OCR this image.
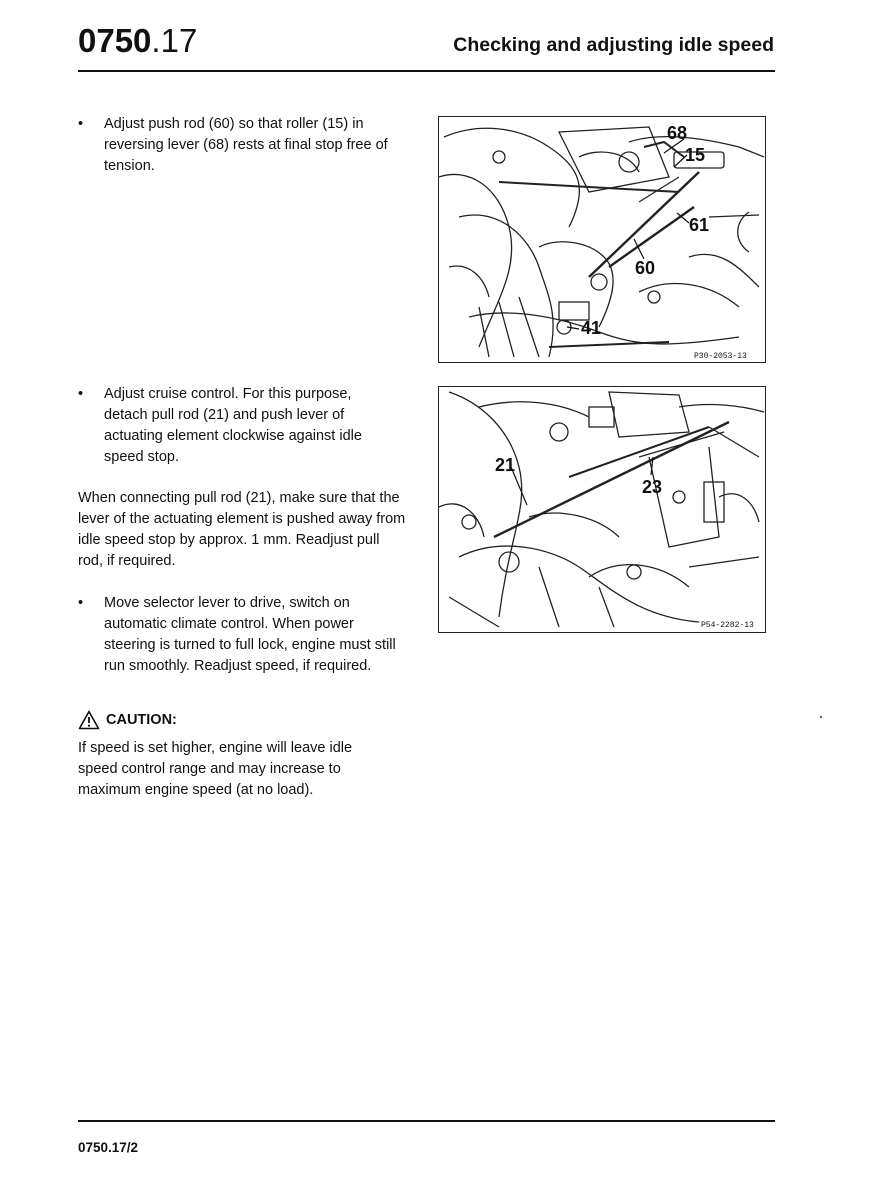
0750.17	Checking and adjusting idle speed
• Adjust push rod (60) so that roller (15) in reversing lever (68) rests at final stop free of tension.
68
15
61
60
41
P30-2053-13
• Adjust cruise control. For this purpose, detach pull rod (21) and push lever of actuating element clockwise against idle speed stop.	21
23
P54-2282-13
When connecting pull rod (21), make sure that the lever of the actuating element is pushed away from idle speed stop by approx. 1 mm. Readjust pull rod, if required.
• Move selector lever to drive, switch on automatic climate control. When power steering is turned to full lock, engine must still run smoothly. Readjust speed, if required.
CAUTION:
If speed is set higher, engine will leave idle speed control range and may increase to maximum engine speed (at no load).
0750.17/2
